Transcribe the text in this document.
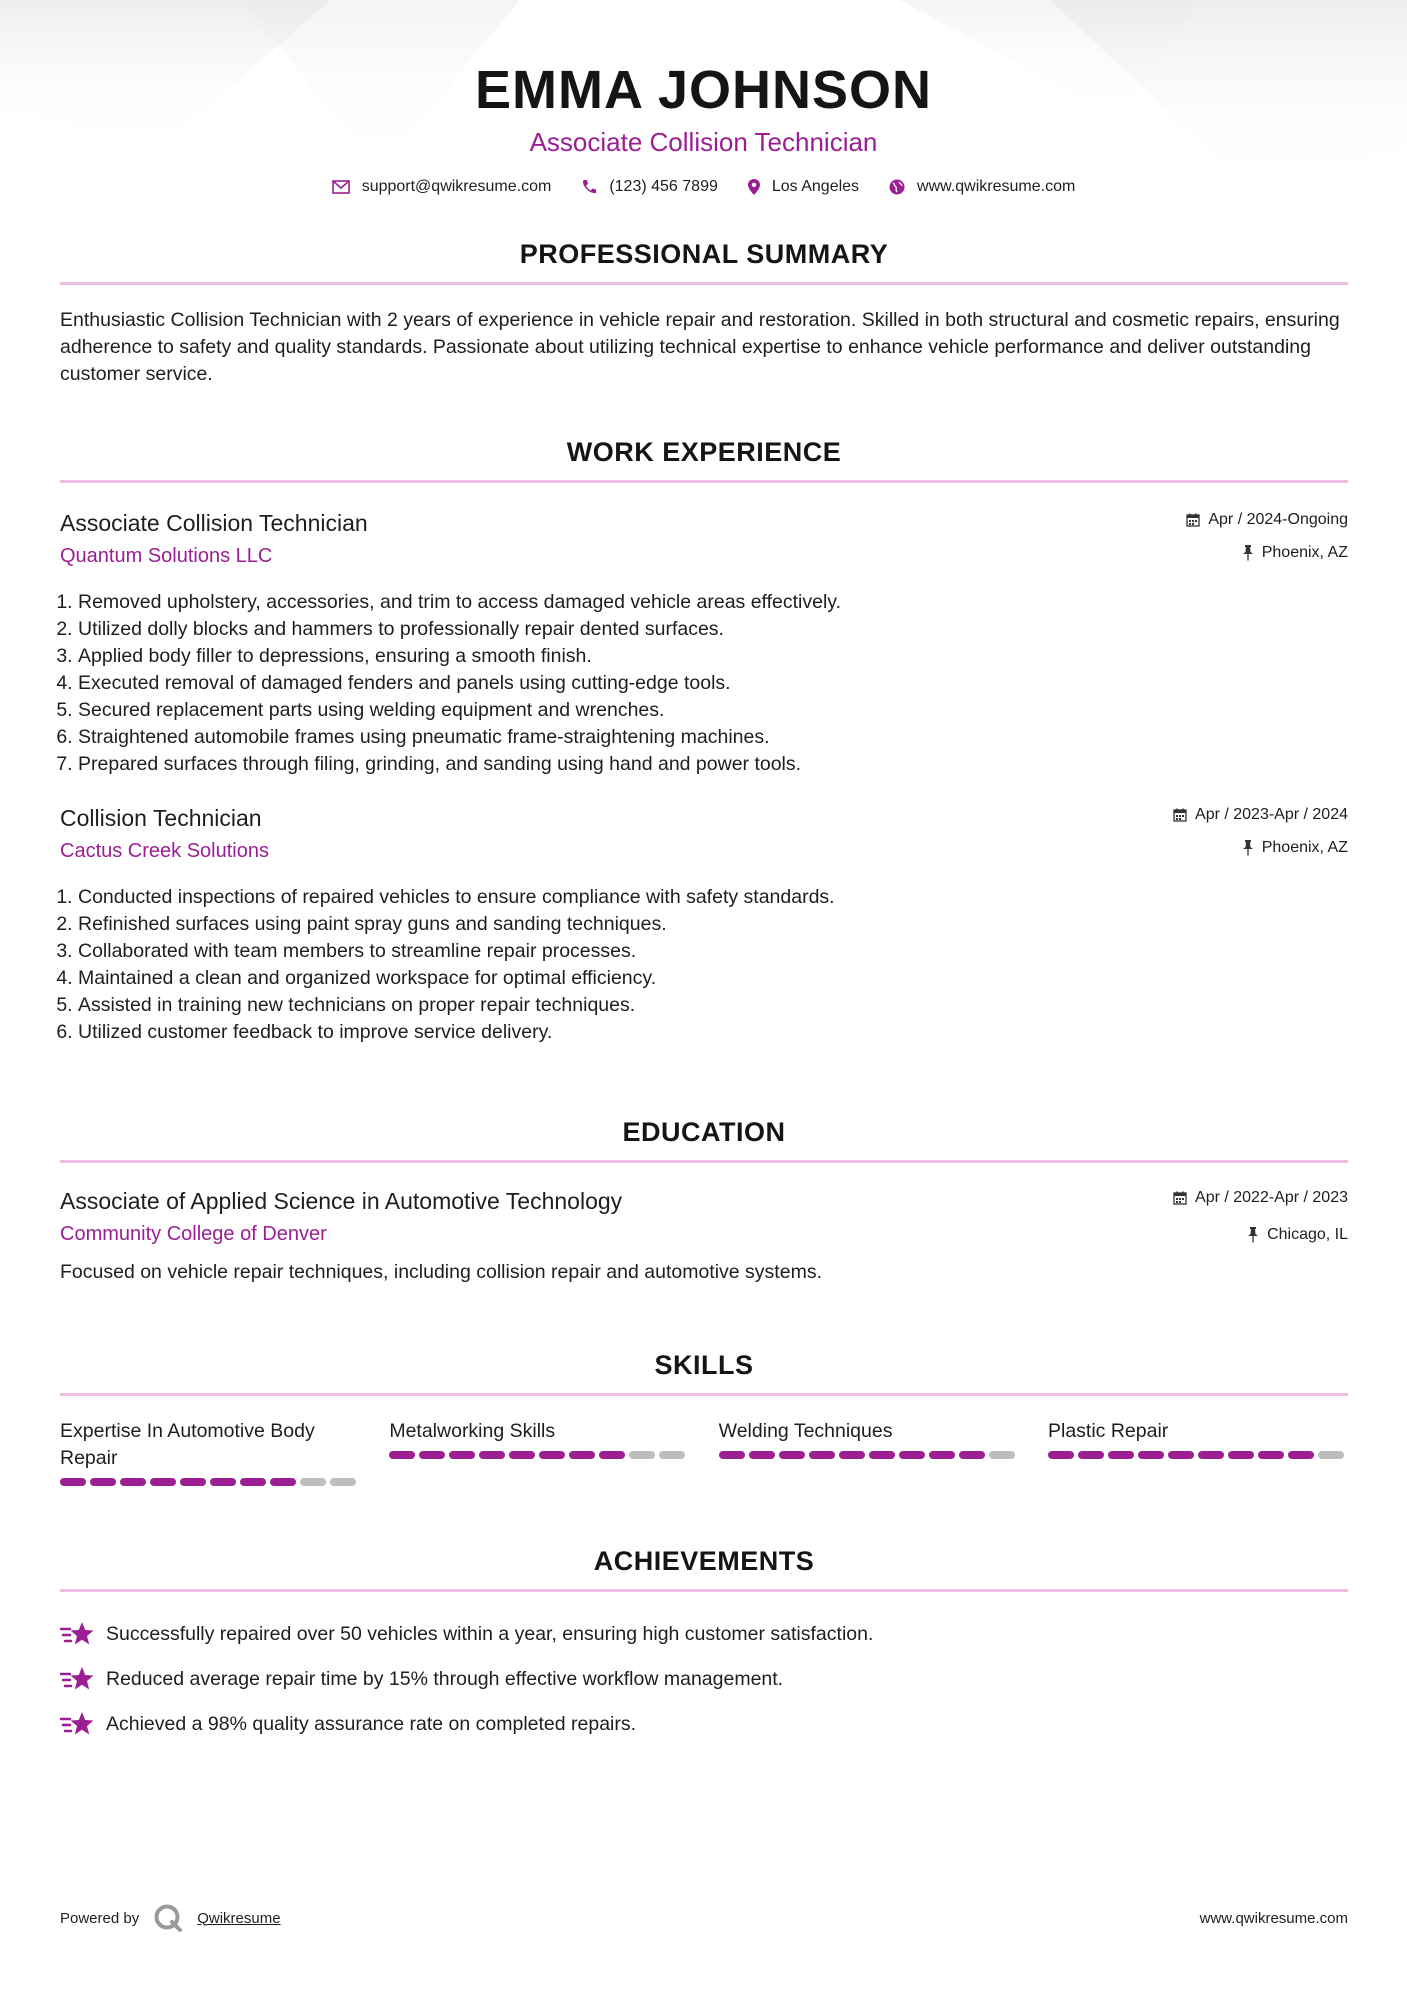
EMMA JOHNSON
Associate Collision Technician
support@qwikresume.com	(123) 456 7899	Los Angeles	www.qwikresume.com
PROFESSIONAL SUMMARY
Enthusiastic Collision Technician with 2 years of experience in vehicle repair and restoration. Skilled in both structural and cosmetic repairs, ensuring adherence to safety and quality standards. Passionate about utilizing technical expertise to enhance vehicle performance and deliver outstanding customer service.
WORK EXPERIENCE
Associate Collision Technician
Quantum Solutions LLC
Apr / 2024-Ongoing
Phoenix, AZ
1. Removed upholstery, accessories, and trim to access damaged vehicle areas effectively.
2. Utilized dolly blocks and hammers to professionally repair dented surfaces.
3. Applied body filler to depressions, ensuring a smooth finish.
4. Executed removal of damaged fenders and panels using cutting-edge tools.
5. Secured replacement parts using welding equipment and wrenches.
6. Straightened automobile frames using pneumatic frame-straightening machines.
7. Prepared surfaces through filing, grinding, and sanding using hand and power tools.
Collision Technician
Cactus Creek Solutions
Apr / 2023-Apr / 2024
Phoenix, AZ
1. Conducted inspections of repaired vehicles to ensure compliance with safety standards.
2. Refinished surfaces using paint spray guns and sanding techniques.
3. Collaborated with team members to streamline repair processes.
4. Maintained a clean and organized workspace for optimal efficiency.
5. Assisted in training new technicians on proper repair techniques.
6. Utilized customer feedback to improve service delivery.
EDUCATION
Associate of Applied Science in Automotive Technology
Community College of Denver
Apr / 2022-Apr / 2023
Chicago, IL
Focused on vehicle repair techniques, including collision repair and automotive systems.
SKILLS
Expertise In Automotive Body Repair
Metalworking Skills	Welding Techniques	Plastic Repair
ACHIEVEMENTS
Successfully repaired over 50 vehicles within a year, ensuring high customer satisfaction.
Reduced average repair time by 15% through effective workflow management.
Achieved a 98% quality assurance rate on completed repairs.
Powered by	Qwikresume	www.qwikresume.com
